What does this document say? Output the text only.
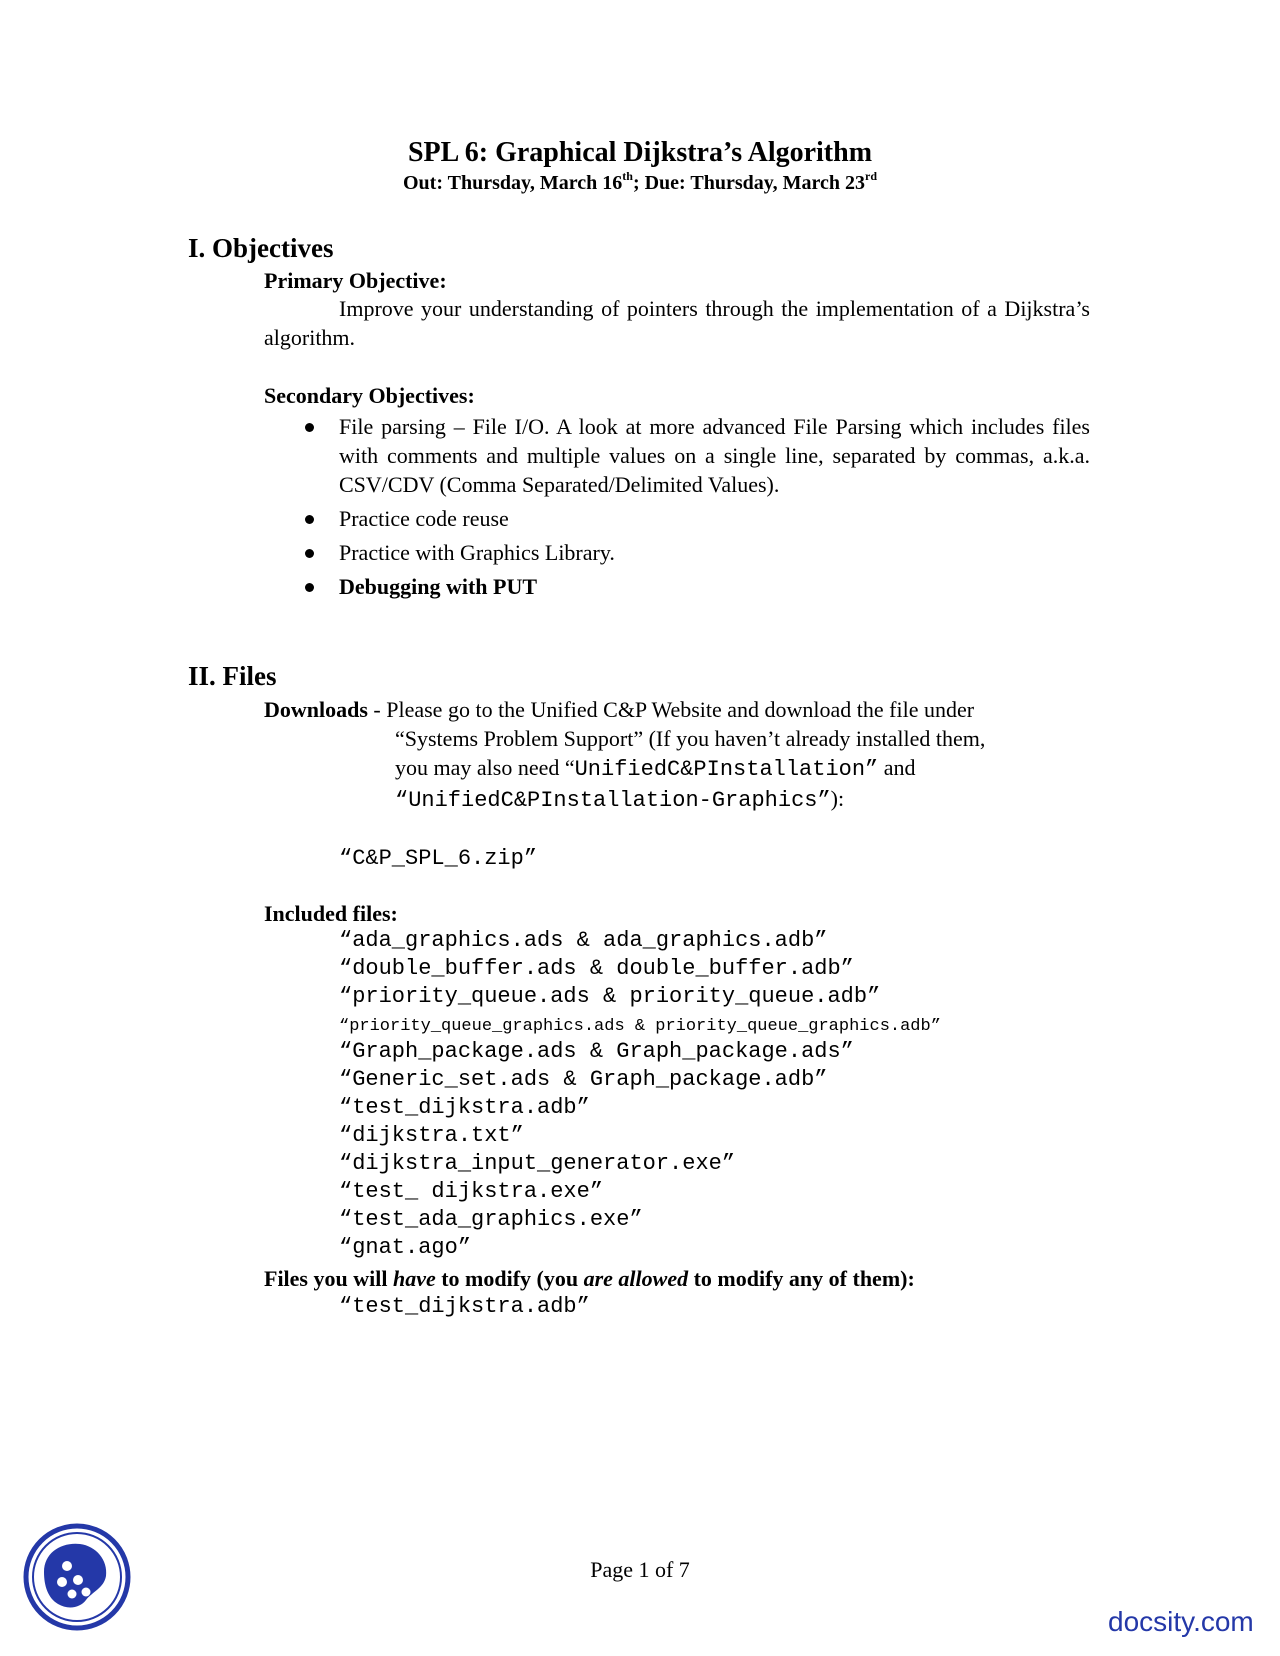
SPL 6: Graphical Dijkstra’s Algorithm
Out: Thursday, March 16th; Due: Thursday, March 23rd
I. Objectives
Primary Objective:
Improve your understanding of pointers through the implementation of a Dijkstra’s algorithm.
Secondary Objectives:
File parsing – File I/O. A look at more advanced File Parsing which includes files with comments and multiple values on a single line, separated by commas, a.k.a. CSV/CDV (Comma Separated/Delimited Values).
Practice code reuse
Practice with Graphics Library.
Debugging with PUT
II. Files
Downloads - Please go to the Unified C&P Website and download the file under
“Systems Problem Support” (If you haven’t already installed them,
you may also need “UnifiedC&PInstallation” and
“UnifiedC&PInstallation-Graphics”):
“C&P_SPL_6.zip”
Included files:
“ada_graphics.ads & ada_graphics.adb”
“double_buffer.ads & double_buffer.adb”
“priority_queue.ads & priority_queue.adb”
“priority_queue_graphics.ads & priority_queue_graphics.adb”
“Graph_package.ads & Graph_package.ads”
“Generic_set.ads & Graph_package.adb”
“test_dijkstra.adb”
“dijkstra.txt”
“dijkstra_input_generator.exe”
“test_ dijkstra.exe”
“test_ada_graphics.exe”
“gnat.ago”
Files you will have to modify (you are allowed to modify any of them):
“test_dijkstra.adb”
Page 1 of 7
docsity.com
